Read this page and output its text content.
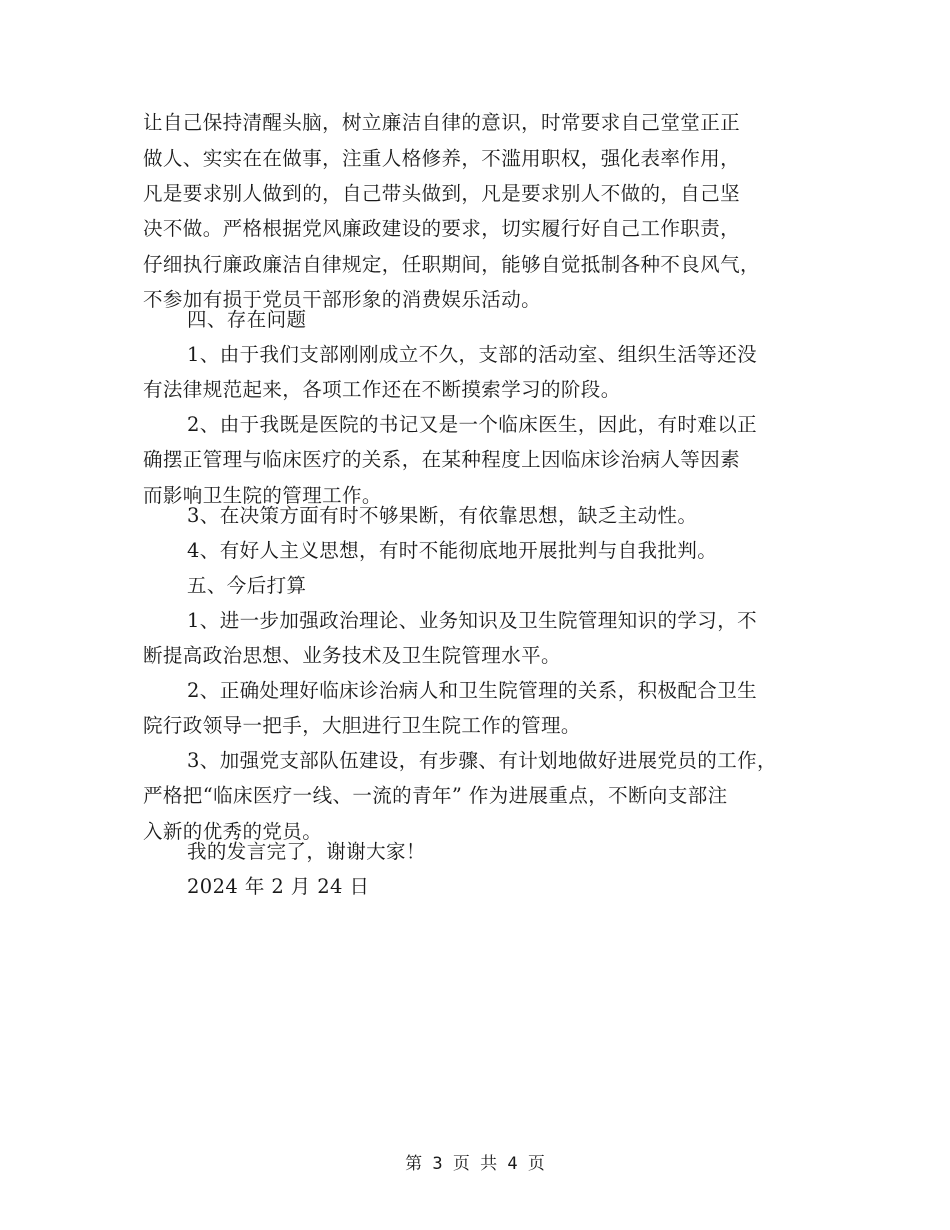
让自己保持清醒头脑，树立廉洁自律的意识，时常要求自己堂堂正正
做人、实实在在做事，注重人格修养，不滥用职权，强化表率作用，
凡是要求别人做到的，自己带头做到，凡是要求别人不做的，自己坚
决不做。严格根据党风廉政建设的要求，切实履行好自己工作职责，
仔细执行廉政廉洁自律规定，任职期间，能够自觉抵制各种不良风气，
不参加有损于党员干部形象的消费娱乐活动。
四、存在问题
1、由于我们支部刚刚成立不久，支部的活动室、组织生活等还没
有法律规范起来，各项工作还在不断摸索学习的阶段。
2、由于我既是医院的书记又是一个临床医生，因此，有时难以正
确摆正管理与临床医疗的关系，在某种程度上因临床诊治病人等因素
而影响卫生院的管理工作。
3、在决策方面有时不够果断，有依靠思想，缺乏主动性。
4、有好人主义思想，有时不能彻底地开展批判与自我批判。
五、今后打算
1、进一步加强政治理论、业务知识及卫生院管理知识的学习，不
断提高政治思想、业务技术及卫生院管理水平。
2、正确处理好临床诊治病人和卫生院管理的关系，积极配合卫生
院行政领导一把手，大胆进行卫生院工作的管理。
3、加强党支部队伍建设，有步骤、有计划地做好进展党员的工作，
严格把“临床医疗一线、一流的青年” 作为进展重点，不断向支部注
入新的优秀的党员。
我的发言完了，谢谢大家！
2024 年 2 月 24 日
第 3 页 共 4 页
